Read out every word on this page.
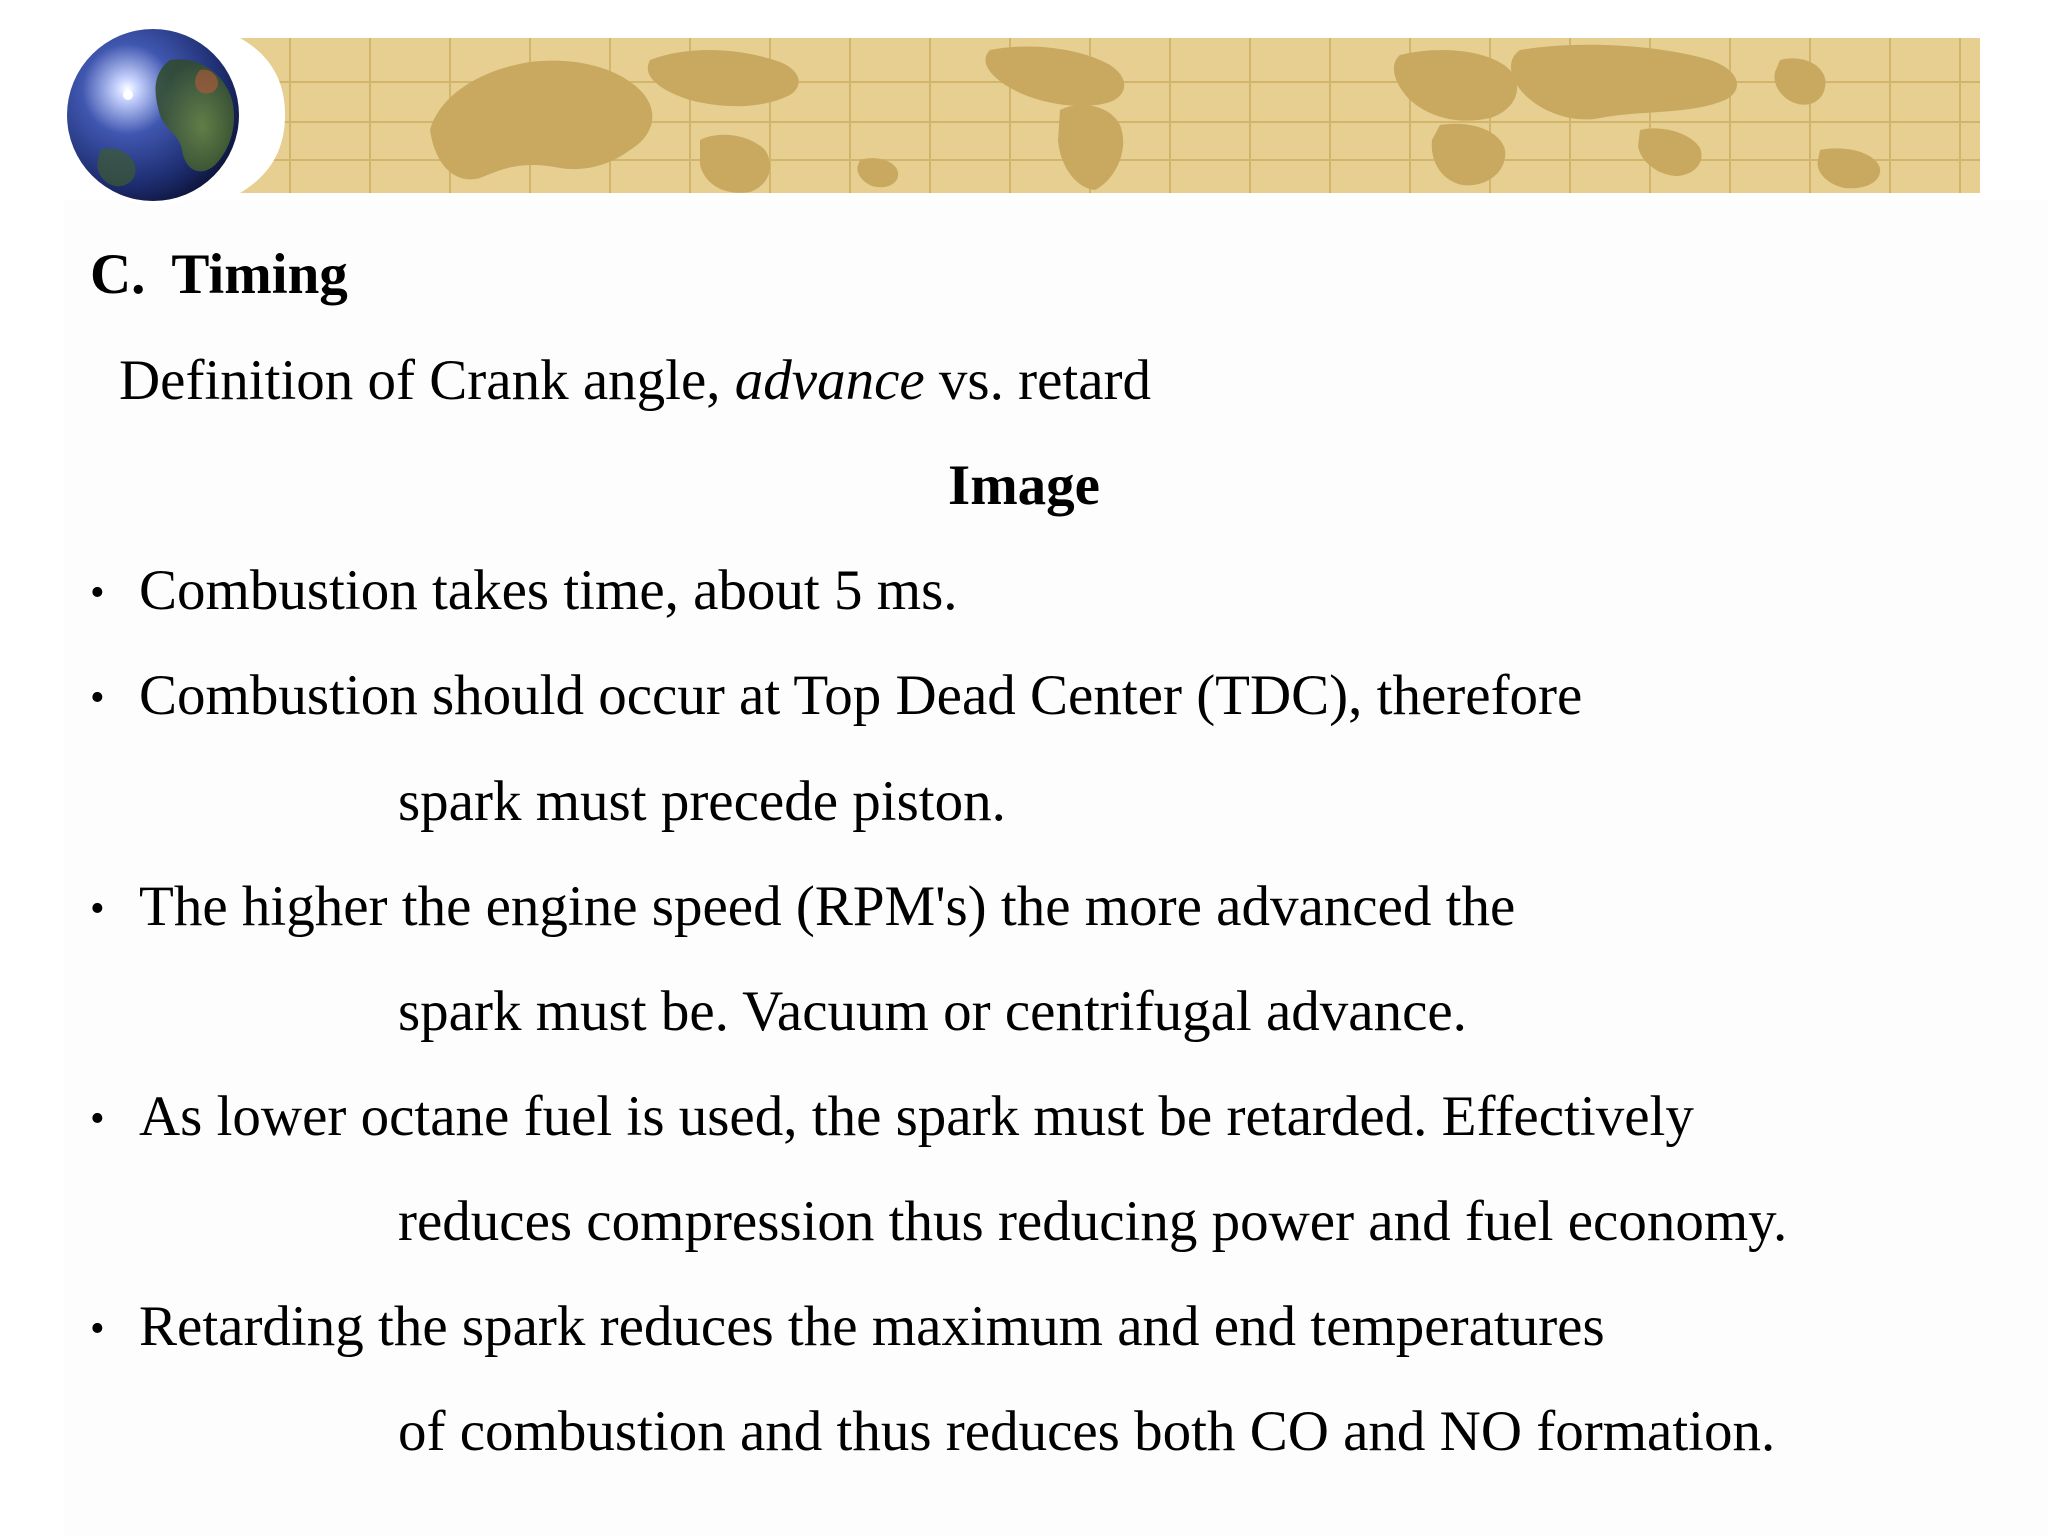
C. Timing
Definition of Crank angle, advance vs. retard
Image
• Combustion takes time, about 5 ms.
• Combustion should occur at Top Dead Center (TDC), therefore
spark must precede piston.
• The higher the engine speed (RPM's) the more advanced the
spark must be. Vacuum or centrifugal advance.
• As lower octane fuel is used, the spark must be retarded. Effectively
reduces compression thus reducing power and fuel economy.
• Retarding the spark reduces the maximum and end temperatures
of combustion and thus reduces both CO and NO formation.
